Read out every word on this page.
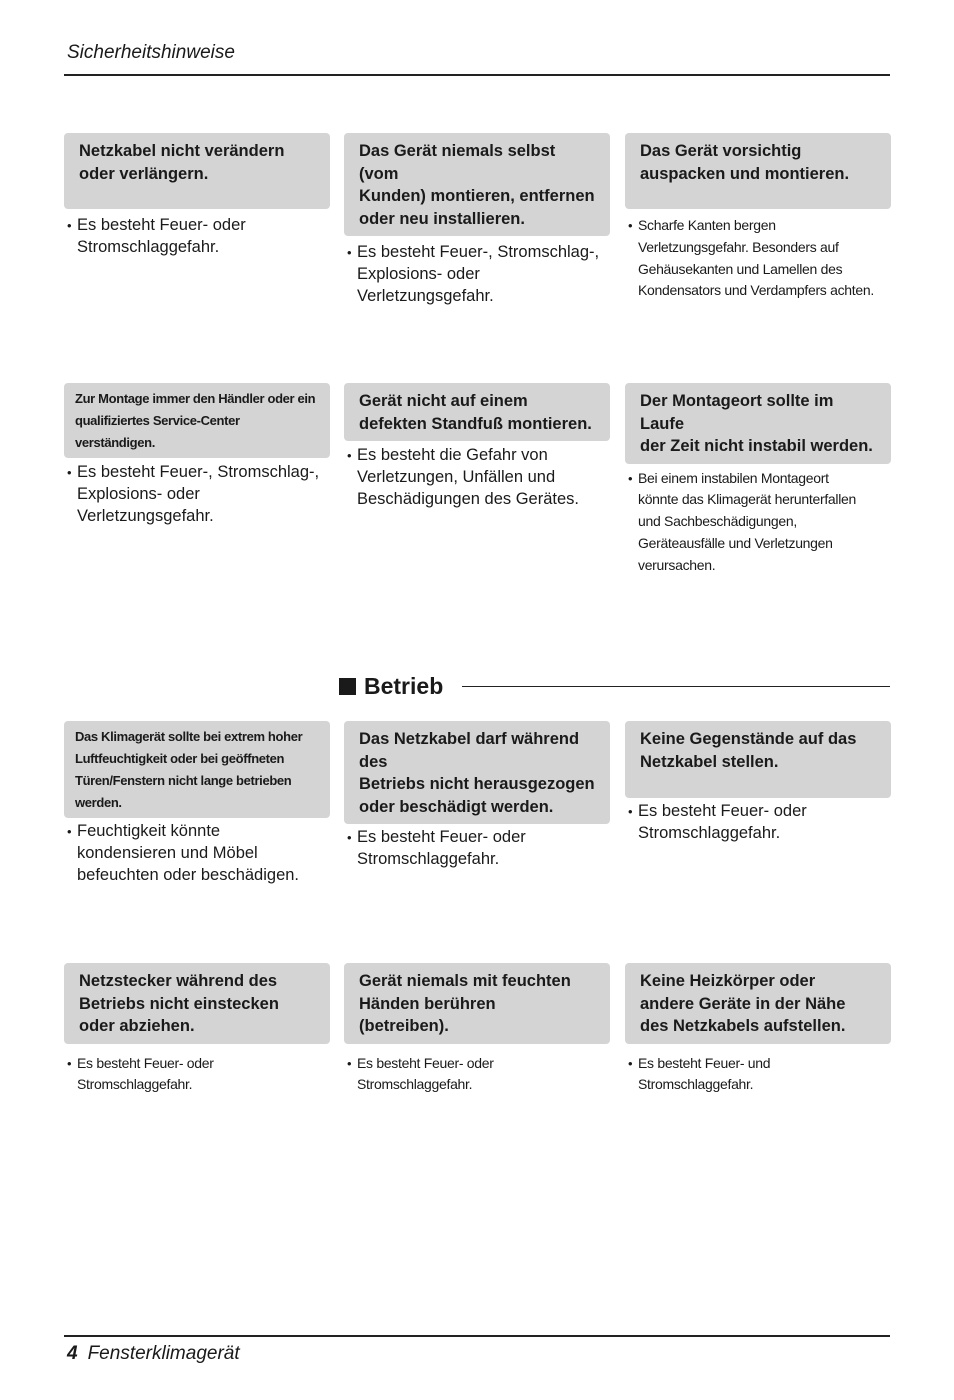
Sicherheitshinweise
Netzkabel nicht verändern
oder verlängern.
• Es besteht Feuer- oder
Stromschlaggefahr.
Das Gerät niemals selbst (vom
Kunden) montieren, entfernen
oder neu installieren.
• Es besteht Feuer-, Stromschlag-,
Explosions- oder
Verletzungsgefahr.
Das Gerät vorsichtig
auspacken und montieren.
• Scharfe Kanten bergen
Verletzungsgefahr. Besonders auf
Gehäusekanten und Lamellen des
Kondensators und Verdampfers achten.
Zur Montage immer den Händler oder ein
qualifiziertes Service-Center verständigen.
• Es besteht Feuer-, Stromschlag-,
Explosions- oder
Verletzungsgefahr.
Gerät nicht auf einem
defekten Standfuß montieren.
• Es besteht die Gefahr von
Verletzungen, Unfällen und
Beschädigungen des Gerätes.
Der Montageort sollte im Laufe
der Zeit nicht instabil werden.
• Bei einem instabilen Montageort
könnte das Klimagerät herunterfallen
und Sachbeschädigungen,
Geräteausfälle und Verletzungen
verursachen.
Betrieb
Das Klimagerät sollte bei extrem hoher
Luftfeuchtigkeit oder bei geöffneten
Türen/Fenstern nicht lange betrieben werden.
• Feuchtigkeit könnte
kondensieren und Möbel
befeuchten oder beschädigen.
Das Netzkabel darf während des
Betriebs nicht herausgezogen
oder beschädigt werden.
• Es besteht Feuer- oder
Stromschlaggefahr.
Keine Gegenstände auf das
Netzkabel stellen.
• Es besteht Feuer- oder
Stromschlaggefahr.
Netzstecker während des
Betriebs nicht einstecken
oder abziehen.
• Es besteht Feuer- oder
Stromschlaggefahr.
Gerät niemals mit feuchten
Händen berühren
(betreiben).
• Es besteht Feuer- oder
Stromschlaggefahr.
Keine Heizkörper oder
andere Geräte in der Nähe
des Netzkabels aufstellen.
• Es besteht Feuer- und
Stromschlaggefahr.
4 Fensterklimagerät
